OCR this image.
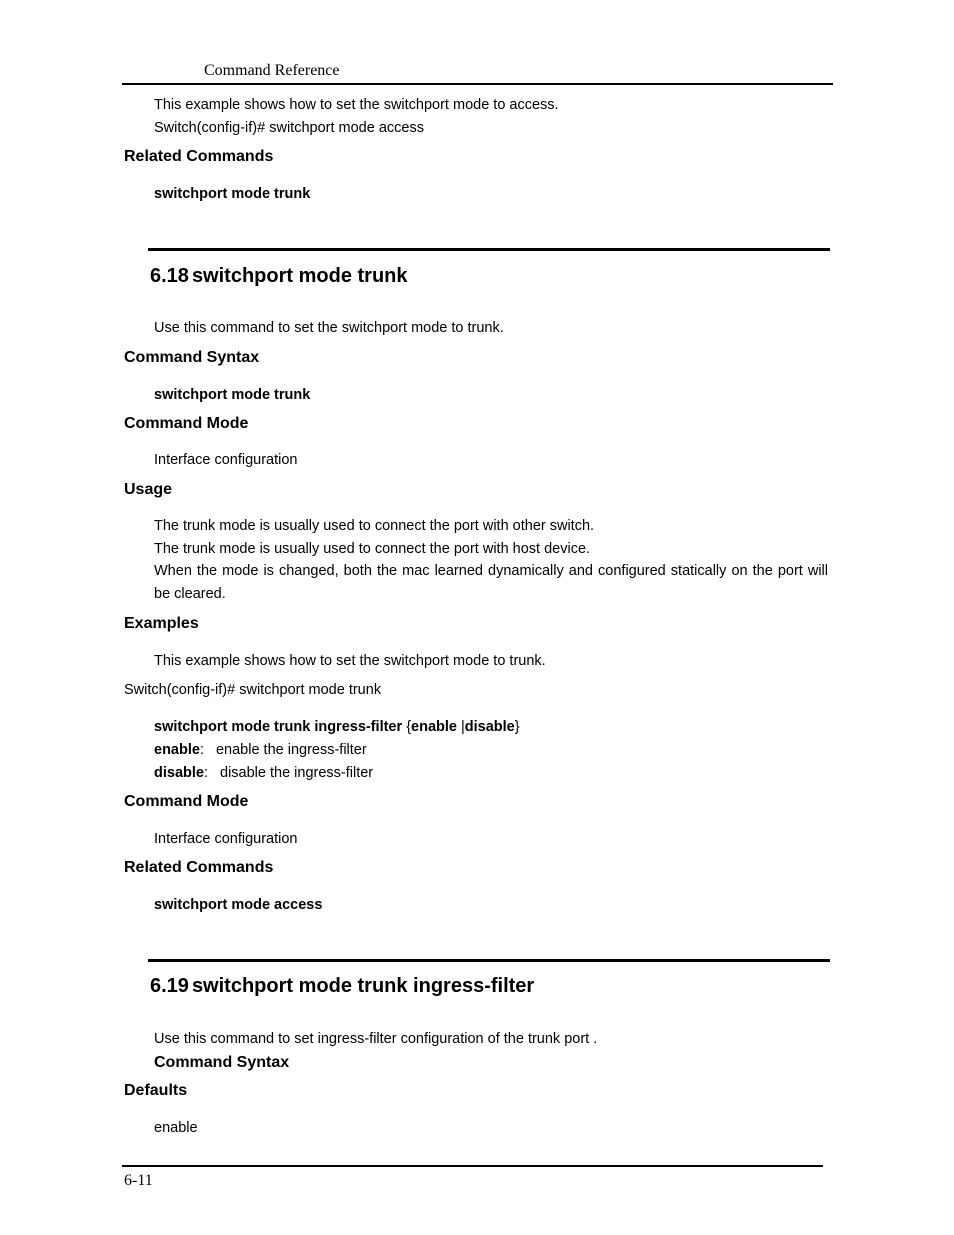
Command Reference
This example shows how to set the switchport mode to access.
Switch(config-if)# switchport mode access
Related Commands
switchport mode trunk
6.18 switchport mode trunk
Use this command to set the switchport mode to trunk.
Command Syntax
switchport mode trunk
Command Mode
Interface configuration
Usage
The trunk mode is usually used to connect the port with other switch.
The trunk mode is usually used to connect the port with host device.
When the mode is changed, both the mac learned dynamically and configured statically on the port will be cleared.
Examples
This example shows how to set the switchport mode to trunk.
Switch(config-if)# switchport mode trunk
switchport mode trunk ingress-filter {enable |disable}
enable: enable the ingress-filter
disable: disable the ingress-filter
Command Mode
Interface configuration
Related Commands
switchport mode access
6.19 switchport mode trunk ingress-filter
Use this command to set ingress-filter configuration of the trunk port .
Command Syntax
Defaults
enable
6-11
